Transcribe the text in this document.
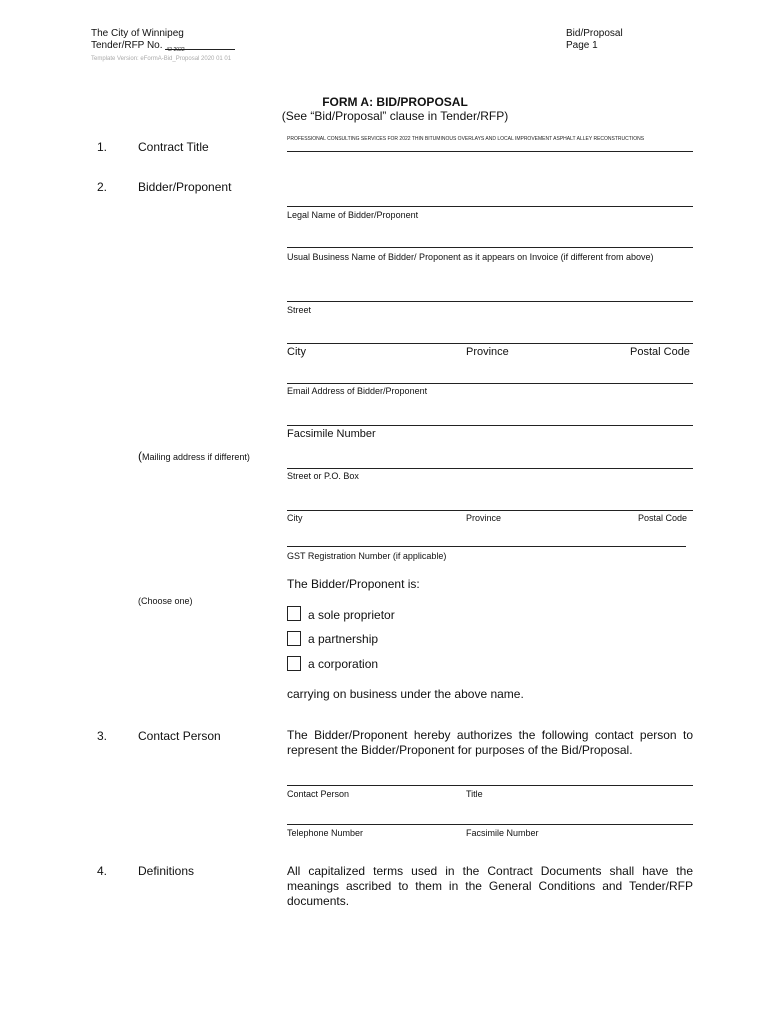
The City of Winnipeg
Tender/RFP No. 42-2022
Template Version: eFormA-Bid_Proposal 2020 01 01
Bid/Proposal
Page 1
FORM A: BID/PROPOSAL
(See “Bid/Proposal” clause in Tender/RFP)
1.	Contract Title
PROFESSIONAL CONSULTING SERVICES FOR 2022 THIN BITUMINOUS OVERLAYS AND LOCAL IMPROVEMENT ASPHALT ALLEY RECONSTRUCTIONS
2.	Bidder/Proponent
Legal Name of Bidder/Proponent
Usual Business Name of Bidder/ Proponent as it appears on Invoice (if different from above)
Street
City	Province	Postal Code
Email Address of Bidder/Proponent
Facsimile Number
(Mailing address if different)
Street or P.O. Box
City	Province	Postal Code
GST Registration Number (if applicable)
The Bidder/Proponent is:
(Choose one)
a sole proprietor
a partnership
a corporation
carrying on business under the above name.
3.	Contact Person	The Bidder/Proponent hereby authorizes the following contact person to represent the Bidder/Proponent for purposes of the Bid/Proposal.
Contact Person	Title
Telephone Number	Facsimile Number
4.	Definitions	All capitalized terms used in the Contract Documents shall have the meanings ascribed to them in the General Conditions and Tender/RFP documents.
